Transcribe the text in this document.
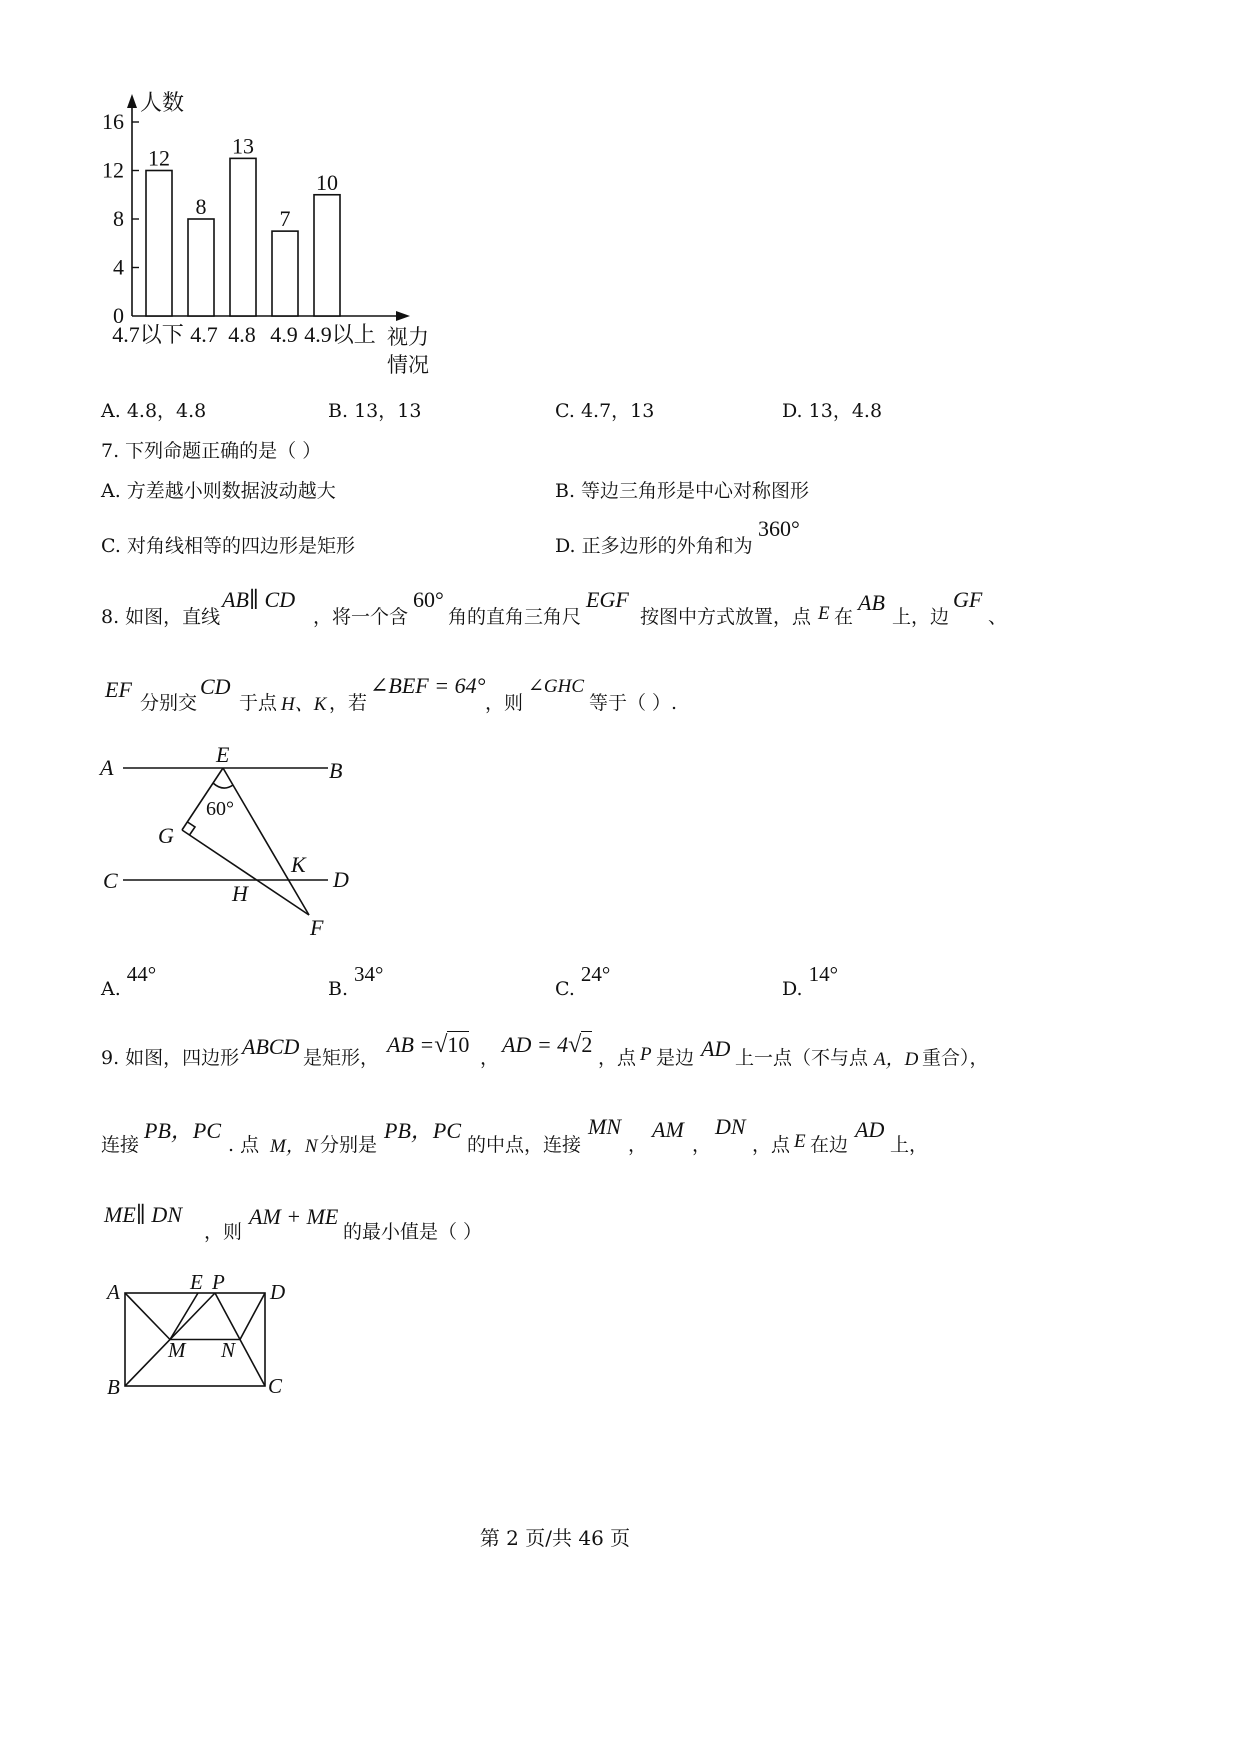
0
4
8
12
16
人数
12
8
13
7
10
4.7以下 4.7 4.8 4.9 4.9以上 视力
情况
A. 4.8，4.8	B. 13，13	C. 4.7，13	D. 13，4.8
7. 下列命题正确的是（ ）
A. 方差越小则数据波动越大	B. 等边三角形是中心对称图形
C. 对角线相等的四边形是矩形	D. 正多边形的外角和为
360°
8. 如图，直线
AB∥ CD
，将一个含
60°
角的直角三角尺
EGF
按图中方式放置，点 E 在
AB
上，边
GF
、
EF
分别交
CD
于点 H、K ，若
∠BEF = 64°
，则
∠GHC
等于（ ）.
A	B
C	D
E
F
G
H
K
60°
A.44°
B.34°
C.24°
D.14°
9. 如图，四边形 ABCD 是矩形，
AB =√10
，
AD = 4√2
，点 P 是边 AD 上一点（不与点 A，D 重合），
连接
PB，PC
. 点 M，N 分别是
PB，PC
的中点，连接
MN
，
AM
，
DN
，点 E 在边
AD
上，
ME∥ DN
，则
AM + ME
的最小值是（ ）
A
B	C
D
E P
M N
第 2 页/共 46 页
